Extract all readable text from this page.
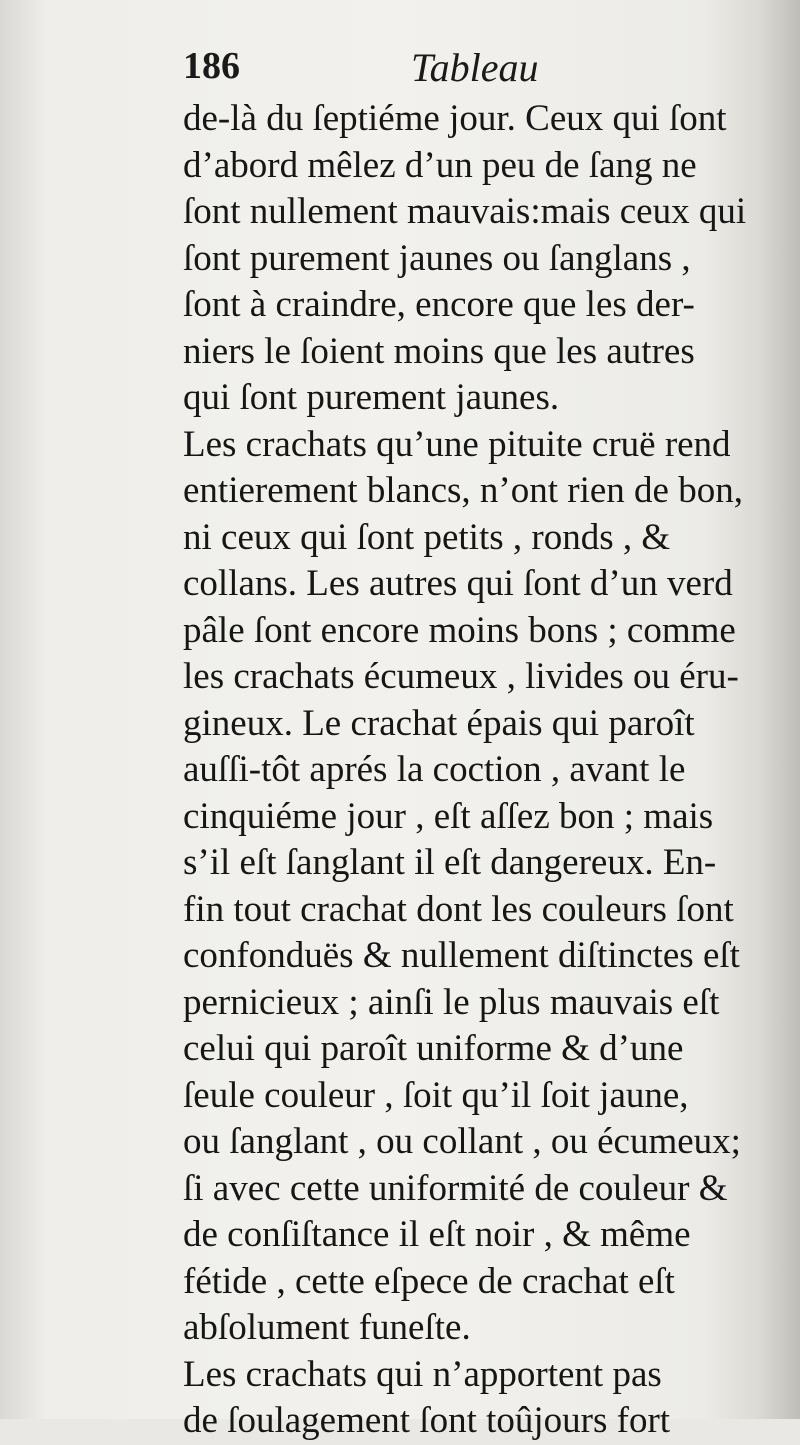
186	Tableau
de-là du ſeptiéme jour. Ceux qui ſont
d’abord mêlez d’un peu de ſang ne
ſont nullement mauvais:mais ceux qui
ſont purement jaunes ou ſanglans ,
ſont à craindre, encore que les der-
niers le ſoient moins que les autres
qui ſont purement jaunes.
Les crachats qu’une pituite cruë rend
entierement blancs, n’ont rien de bon,
ni ceux qui ſont petits , ronds , &
collans. Les autres qui ſont d’un verd
pâle ſont encore moins bons ; comme
les crachats écumeux , livides ou éru-
gineux. Le crachat épais qui paroît
auſſi-tôt aprés la coction , avant le
cinquiéme jour , eſt aſſez bon ; mais
s’il eſt ſanglant il eſt dangereux. En-
fin tout crachat dont les couleurs ſont
confonduës & nullement diſtinctes eſt
pernicieux ; ainſi le plus mauvais eſt
celui qui paroît uniforme & d’une
ſeule couleur , ſoit qu’il ſoit jaune,
ou ſanglant , ou collant , ou écumeux;
ſi avec cette uniformité de couleur &
de conſiſtance il eſt noir , & même
fétide , cette eſpece de crachat eſt
abſolument funeſte.
Les crachats qui n’apportent pas
de ſoulagement ſont toûjours fort
